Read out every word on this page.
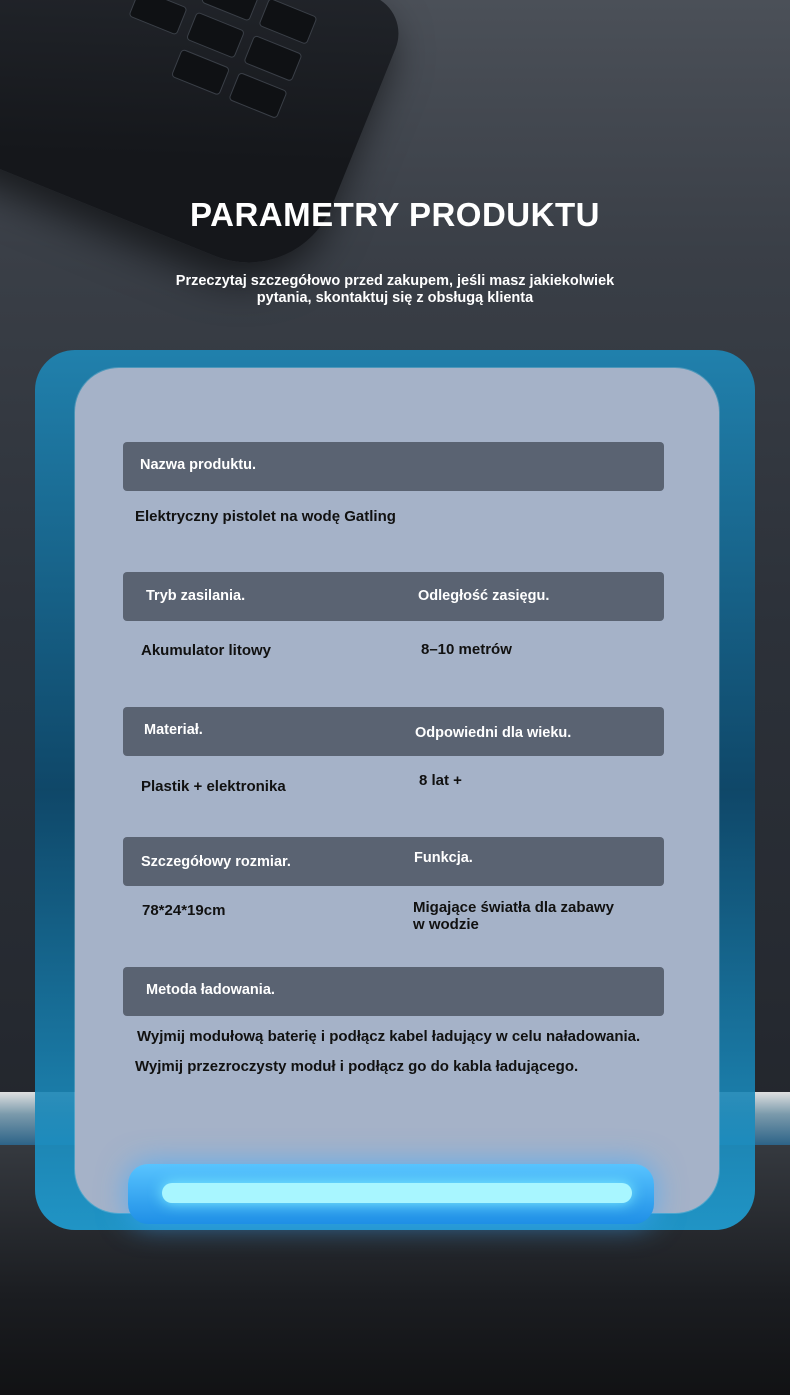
PARAMETRY PRODUKTU

Przeczytaj szczegółowo przed zakupem, jeśli masz jakiekolwiek pytania, skontaktuj się z obsługą klienta

Nazwa produktu.
Elektryczny pistolet na wodę Gatling
Tryb zasilania.	Odległość zasięgu.
Akumulator litowy	8–10 metrów
Materiał.	Odpowiedni dla wieku.
Plastik + elektronika	8 lat +
Szczegółowy rozmiar.	Funkcja.
78*24*19cm	Migające światła dla zabawy
w wodzie
Metoda ładowania.
Wyjmij modułową baterię i podłącz kabel ładujący w celu naładowania.
Wyjmij przezroczysty moduł i podłącz go do kabla ładującego.
